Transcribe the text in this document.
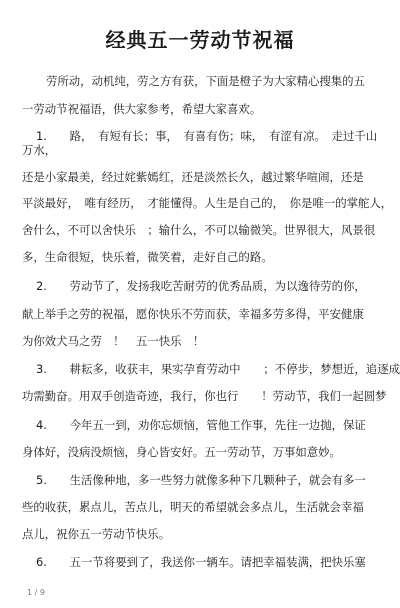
经典五一劳动节祝福
劳所动，动机纯，劳之方有获，下面是橙子为大家精心搜集的五
一劳动节祝福语，供大家参考，希望大家喜欢。
1.　　路，　有短有长；事，　有喜有伤；味，　有涩有凉。　走过千山
万水，
还是小家最美，经过姹紫嫣红，还是淡然长久，越过繁华喧闹，还是
平淡最好，　唯有经历，　才能懂得。人生是自己的，　你是唯一的掌舵人，
舍什么，不可以舍快乐　；输什么，不可以输微笑。世界很大，风景很
多，生命很短，快乐着，微笑着，走好自己的路。
2.　　劳动节了，发扬我吃苦耐劳的优秀品质，为以逸待劳的你，
献上举手之劳的祝福，愿你快乐不劳而获，幸福多劳多得，平安健康
为你效犬马之劳　！　五一快乐　！
3.　　耕耘多，收获丰，果实孕育劳动中　　；不停步，梦想近，追逐成
功需勤奋。用双手创造奇迹，我行，你也行　　！劳动节，我们一起圆梦
4.　　今年五一到，劝你忘烦恼，管他工作事，先往一边抛，保证
身体好，没病没烦恼，身心皆安好。五一劳动节，万事如意妙。
5.　　生活像种地，多一些努力就像多种下几颗种子，就会有多一
些的收获，累点儿，苦点儿，明天的希望就会多点儿，生活就会幸福
点儿，祝你五一劳动节快乐。
6.　　五一节将要到了，我送你一辆车。请把幸福装满，把快乐塞
1 / 9
